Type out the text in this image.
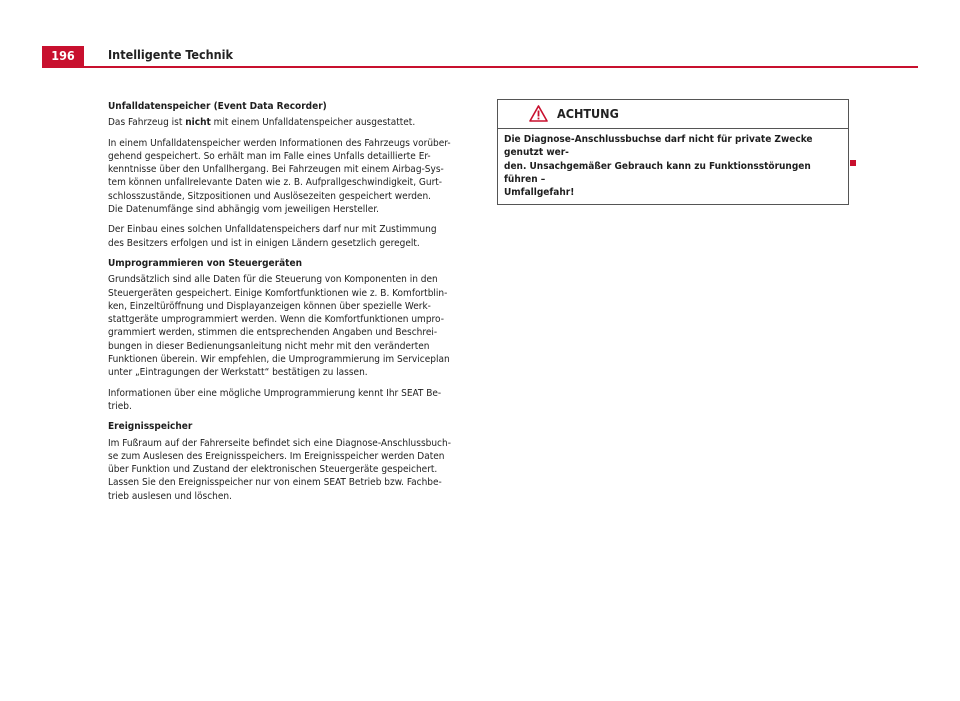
196	Intelligente Technik
Unfalldatenspeicher (Event Data Recorder)

Das Fahrzeug ist nicht mit einem Unfalldatenspeicher ausgestattet.

In einem Unfalldatenspeicher werden Informationen des Fahrzeugs vorüber-
gehend gespeichert. So erhält man im Falle eines Unfalls detaillierte Er-
kenntnisse über den Unfallhergang. Bei Fahrzeugen mit einem Airbag-Sys-
tem können unfallrelevante Daten wie z. B. Aufprallgeschwindigkeit, Gurt-
schlosszustände, Sitzpositionen und Auslösezeiten gespeichert werden.
Die Datenumfänge sind abhängig vom jeweiligen Hersteller.

Der Einbau eines solchen Unfalldatenspeichers darf nur mit Zustimmung
des Besitzers erfolgen und ist in einigen Ländern gesetzlich geregelt.

Umprogrammieren von Steuergeräten

Grundsätzlich sind alle Daten für die Steuerung von Komponenten in den
Steuergeräten gespeichert. Einige Komfortfunktionen wie z. B. Komfortblin-
ken, Einzeltüröffnung und Displayanzeigen können über spezielle Werk-
stattgeräte umprogrammiert werden. Wenn die Komfortfunktionen umpro-
grammiert werden, stimmen die entsprechenden Angaben und Beschrei-
bungen in dieser Bedienungsanleitung nicht mehr mit den veränderten
Funktionen überein. Wir empfehlen, die Umprogrammierung im Serviceplan
unter „Eintragungen der Werkstatt“ bestätigen zu lassen.

Informationen über eine mögliche Umprogrammierung kennt Ihr SEAT Be-
trieb.

Ereignisspeicher

Im Fußraum auf der Fahrerseite befindet sich eine Diagnose-Anschlussbuch-
se zum Auslesen des Ereignisspeichers. Im Ereignisspeicher werden Daten
über Funktion und Zustand der elektronischen Steuergeräte gespeichert.
Lassen Sie den Ereignisspeicher nur von einem SEAT Betrieb bzw. Fachbe-
trieb auslesen und löschen.

ACHTUNG
Die Diagnose-Anschlussbuchse darf nicht für private Zwecke genutzt wer-
den. Unsachgemäßer Gebrauch kann zu Funktionsstörungen führen –
Umfallgefahr!
